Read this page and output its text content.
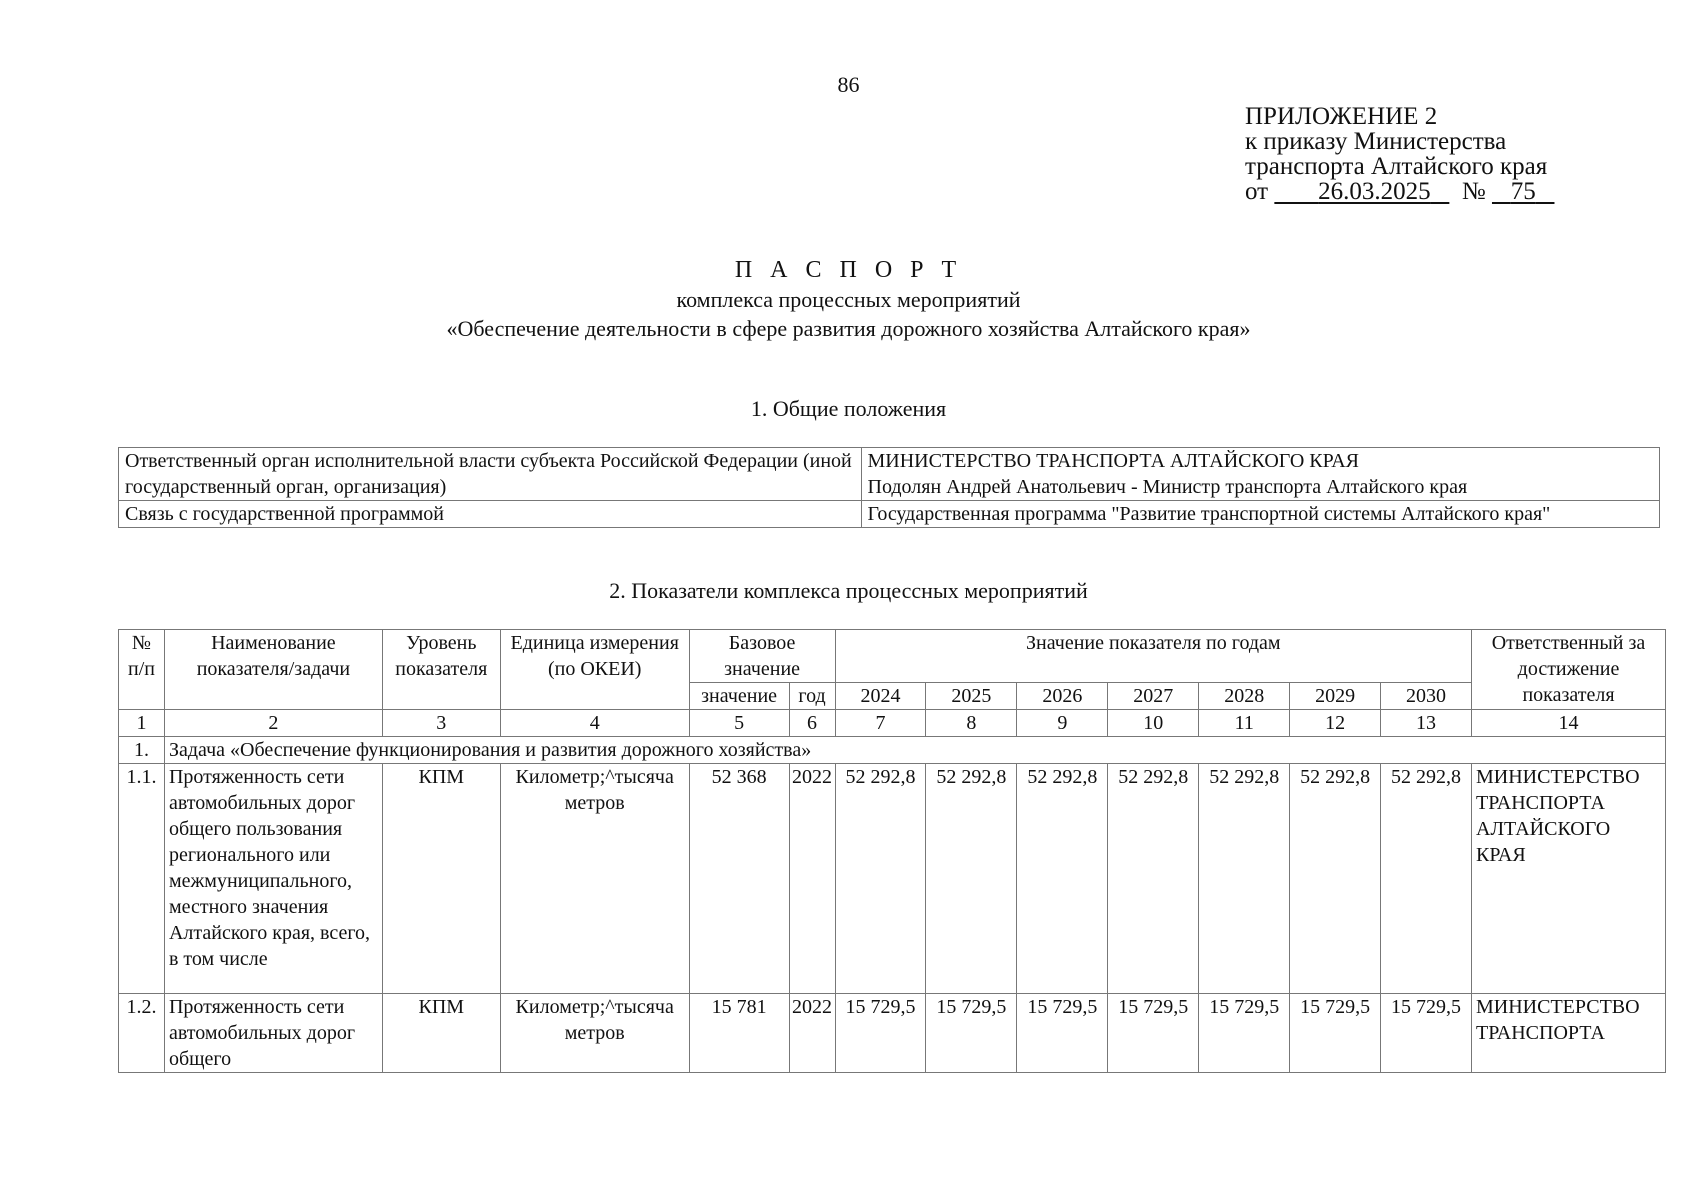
86
ПРИЛОЖЕНИЕ 2
к приказу Министерства
транспорта Алтайского края
от 26.03.2025 № 75
П А С П О Р Т
комплекса процессных мероприятий
«Обеспечение деятельности в сфере развития дорожного хозяйства Алтайского края»
1. Общие положения
Ответственный орган исполнительной власти субъекта Российской Федерации (иной государственный орган, организация)	МИНИСТЕРСТВО ТРАНСПОРТА АЛТАЙСКОГО КРАЯ
Подолян Андрей Анатольевич - Министр транспорта Алтайского края

Связь с государственной программой	Государственная программа "Развитие транспортной системы Алтайского края"
2. Показатели комплекса процессных мероприятий
№ п/п	Наименование показателя/задачи	Уровень показателя	Единица измерения (по ОКЕИ)	Базовое значение		Значение показателя по годам							Ответственный за достижение показателя
				значение	год	2024	2025	2026	2027	2028	2029	2030	
1	2	3	4	5	6	7	8	9	10	11	12	13	14
1.	Задача «Обеспечение функционирования и развития дорожного хозяйства»												
1.1.	Протяженность сети автомобильных дорог общего пользования регионального или межмуниципального, местного значения Алтайского края, всего, в том числе	КПМ	Километр;^тысяча метров	52 368	2022	52 292,8	52 292,8	52 292,8	52 292,8	52 292,8	52 292,8	52 292,8	МИНИСТЕРСТВО ТРАНСПОРТА АЛТАЙСКОГО КРАЯ
1.2.	Протяженность сети автомобильных дорог общего	КПМ	Километр;^тысяча метров	15 781	2022	15 729,5	15 729,5	15 729,5	15 729,5	15 729,5	15 729,5	15 729,5	МИНИСТЕРСТВО ТРАНСПОРТА
